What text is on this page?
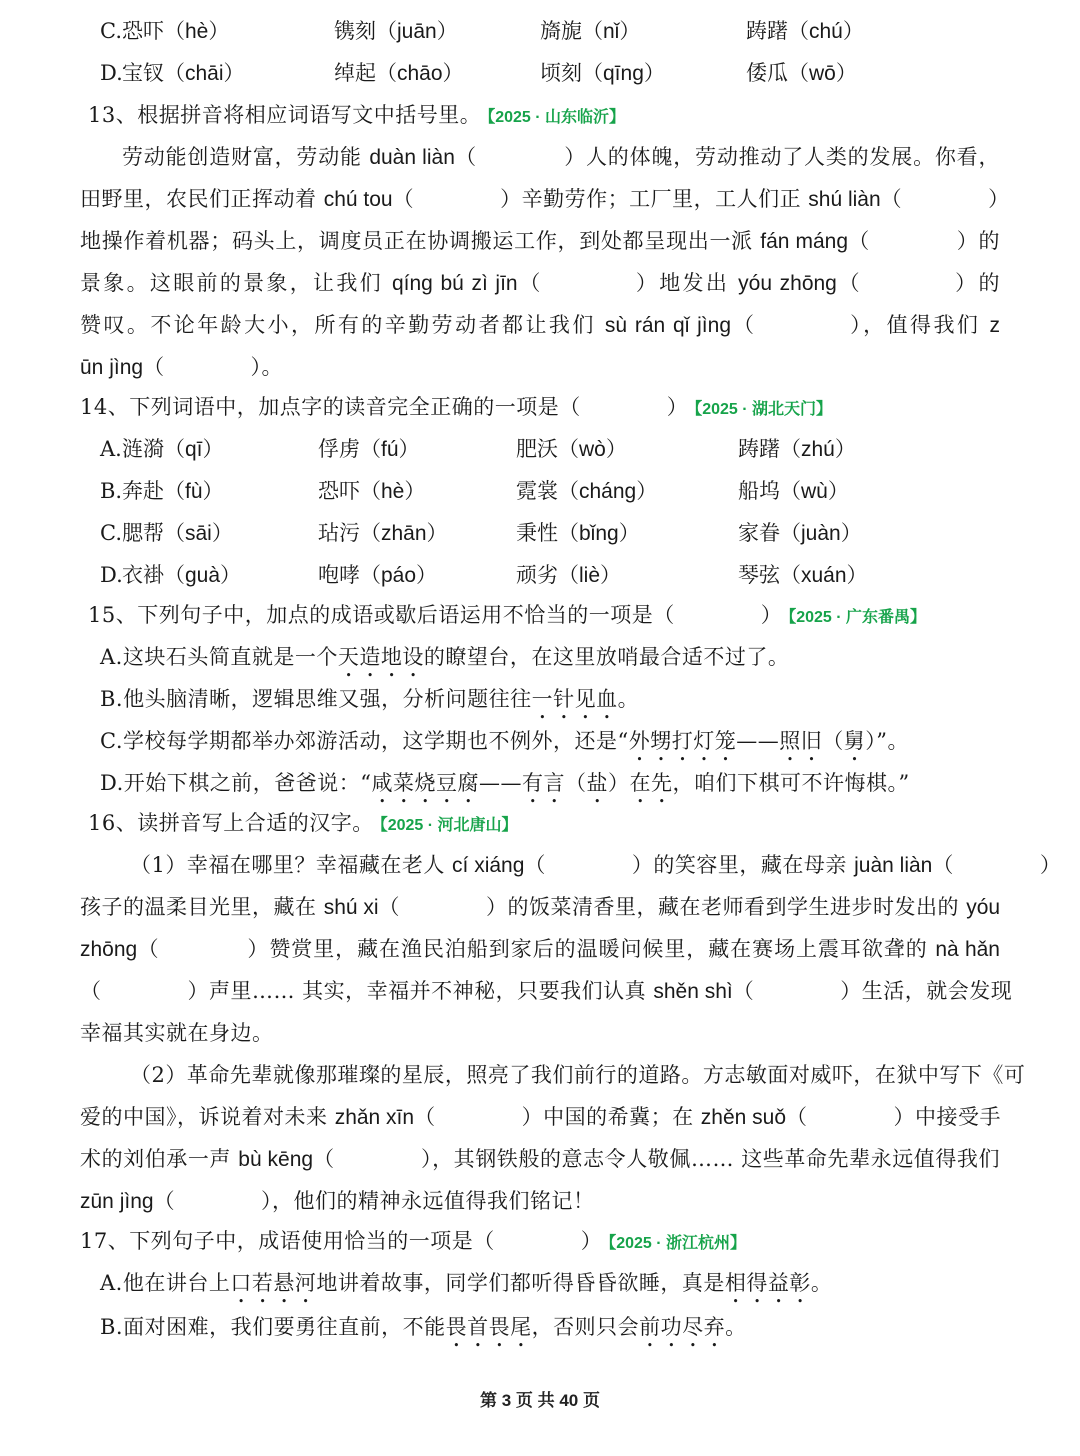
C. 恐吓（hè）	镌刻（juān）	旖旎（nǐ）	踌躇（chú）
D. 宝钗（chāi）	绰起（chāo）	顷刻（qīng）	倭瓜（wō）
13、根据拼音将相应词语写文中括号里。 【2025 · 山东临沂】
劳动能创造财富，劳动能 duàn liàn（　　　　）人的体魄，劳动推动了人类的发展。你看，
田野里，农民们正挥动着 chú tou（　　　　）辛勤劳作；工厂里，工人们正 shú liàn（　　　　）
地操作着机器；码头上，调度员正在协调搬运工作，到处都呈现出一派 fán máng（　　　　）的
景象。这眼前的景象，让我们 qíng bú zì jīn（　　　　）地发出 yóu zhōng（　　　　）的
赞叹。不论年龄大小，所有的辛勤劳动者都让我们 sù rán qǐ jìng（　　　　），值得我们 z
ūn jìng（　　　　）。
14、下列词语中，加点字的读音完全正确的一项是（　　　　） 【2025 · 湖北天门】
A. 涟漪（qī）	俘虏（fú）	肥沃（wò）	踌躇（zhú）
B. 奔赴（fù）	恐吓（hè）	霓裳（cháng）	船坞（wù）
C. 腮帮（sāi）	玷污（zhān）	秉性（bǐng）	家眷（juàn）
D. 衣褂（guà）	咆哮（páo）	顽劣（liè）	琴弦（xuán）
15、下列句子中，加点的成语或歇后语运用不恰当的一项是（　　　　） 【2025 · 广东番禺】
A.这块石头简直就是一个天造地设的瞭望台，在这里放哨最合适不过了。
B.他头脑清晰，逻辑思维又强，分析问题往往一针见血。
C.学校每学期都举办郊游活动，这学期也不例外，还是“外甥打灯笼——照旧（舅）”。
D.开始下棋之前，爸爸说：“咸菜烧豆腐——有言（盐）在先，咱们下棋可不许悔棋。”
16、读拼音写上合适的汉字。 【2025 · 河北唐山】
（1）幸福在哪里？幸福藏在老人 cí xiáng（　　　　）的笑容里，藏在母亲 juàn liàn（　　　　）
孩子的温柔目光里，藏在 shú xi（　　　　）的饭菜清香里，藏在老师看到学生进步时发出的 yóu
zhōng（　　　　）赞赏里，藏在渔民泊船到家后的温暖问候里，藏在赛场上震耳欲聋的 nà hǎn
（　　　　）声里…… 其实，幸福并不神秘，只要我们认真 shěn shì（　　　　）生活，就会发现
幸福其实就在身边。
（2）革命先辈就像那璀璨的星辰，照亮了我们前行的道路。方志敏面对威吓，在狱中写下《可
爱的中国》，诉说着对未来 zhǎn xīn（　　　　）中国的希冀；在 zhěn suǒ（　　　　）中接受手
术的刘伯承一声 bù kēng（　　　　），其钢铁般的意志令人敬佩…… 这些革命先辈永远值得我们
zūn jìng（　　　　），他们的精神永远值得我们铭记！
17、下列句子中，成语使用恰当的一项是（　　　　） 【2025 · 浙江杭州】
A.他在讲台上口若悬河地讲着故事，同学们都听得昏昏欲睡，真是相得益彰。
B.面对困难，我们要勇往直前，不能畏首畏尾，否则只会前功尽弃。
第 3 页 共 40 页
